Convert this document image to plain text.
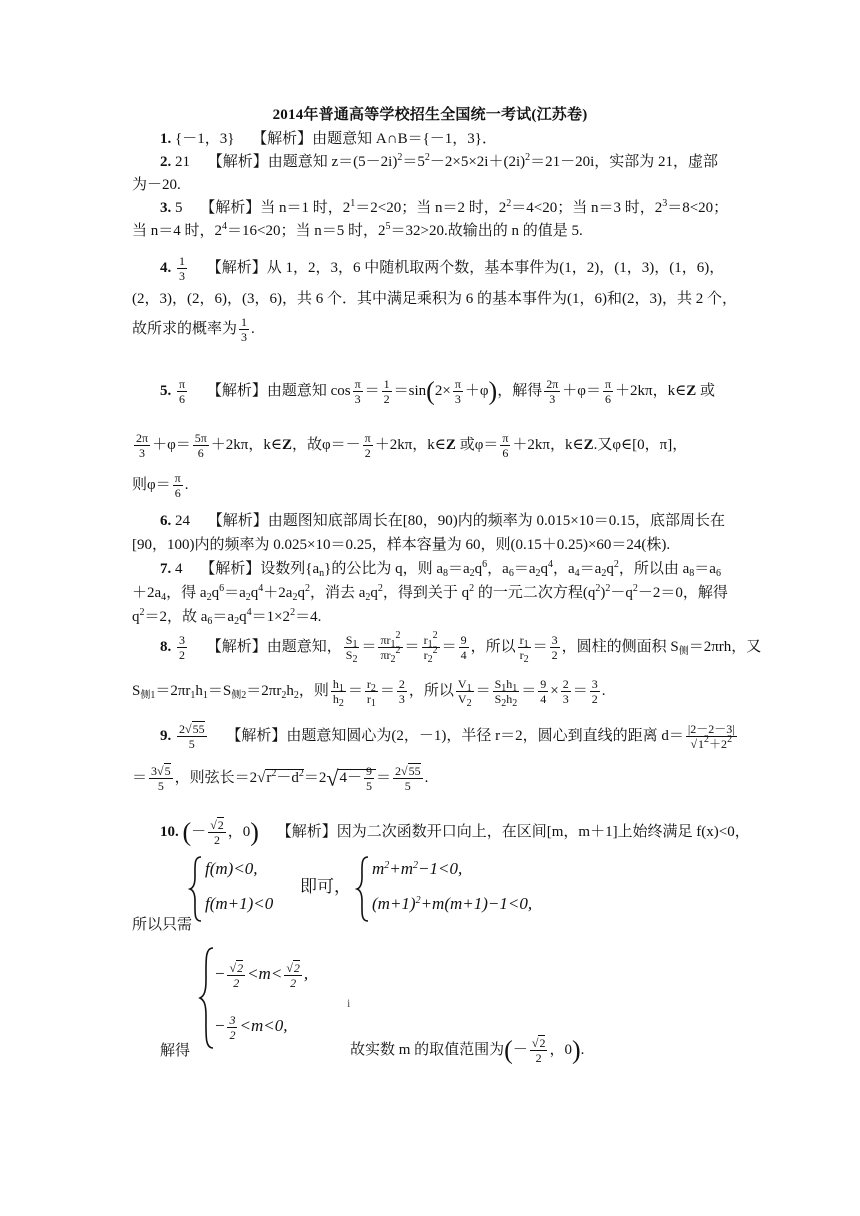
2014年普通高等学校招生全国统一考试(江苏卷)
1. {－1，3} 【解析】由题意知 A∩B＝{－1，3}．
2. 21 【解析】由题意知 $z=(5-2i)^2=5^2-2\times 5\times 2i+(2i)^2=21-20i$，实部为 21，虚部
为－20.
3. 5 【解析】当 n＝1 时，$2^1=2<20$；当 n＝2 时，$2^2=4<20$；当 n＝3 时，$2^3=8<20$；
当 n＝4 时，$2^4=16<20$；当 n＝5 时，$2^5=32>20$.故输出的 n 的值是 5.
4. $\frac{1}{3}$ 【解析】从 1，2，3，6 中随机取两个数，基本事件为(1，2)，(1，3)，(1，6)，
(2，3)，(2，6)，(3，6)，共 6 个．其中满足乘积为 6 的基本事件为(1，6)和(2，3)，共 2 个，
故所求的概率为 $\frac{1}{3}$ .
5. $\frac{\pi}{6}$ 【解析】由题意知 $\cos \frac{\pi}{3} = \frac{1}{2} =\sin(2\times \frac{\pi}{3} +\varphi)$，解得 $\frac{2\pi}{3} +\varphi= \frac{\pi}{6} +2k\pi$，k∈Z 或
$\frac{2\pi}{3} +\varphi= \frac{5\pi}{6} +2k\pi$，k∈Z，故$\varphi=- \frac{\pi}{2} +2k\pi$，k∈Z 或$\varphi= \frac{\pi}{6} +2k\pi$，k∈Z.又φ∈[0，π]，
则$\varphi= \frac{\pi}{6}$ .
6. 24 【解析】由题图知底部周长在[80，90)内的频率为 0.015×10＝0.15，底部周长在
[90，100)内的频率为 0.025×10＝0.25，样本容量为 60，则(0.15＋0.25)×60＝24(株).
7. 4 【解析】设数列$\{a_n\}$的公比为 q，则 $a_8=a_2q^6$，$a_6=a_2q^4$，$a_4=a_2q^2$，所以由 $a_8=a_6$
$+2a_4$，得 $a_2q^6=a_2q^4+2a_2q^2$，消去 $a_2q^2$，得到关于 $q^2$ 的一元二次方程$(q^2)^2-q^2-2=0$，解得
$q^2=2$，故 $a_6=a_2q^4=1\times 2^2=4$.
8. $\frac{3}{2}$ 【解析】由题意知， $\frac{S_1}{S_2} = \frac{\pi r_1^2}{\pi r_2^2} = \frac{r_1^2}{r_2^2} = \frac{9}{4}$ ，所以 $\frac{r_1}{r_2} = \frac{3}{2}$ ，圆柱的侧面积 $S_侧=2\pi rh$，又
$S_{侧1}=2\pi r_1h_1=S_{侧2}=2\pi r_2h_2$，则 $\frac{h_1}{h_2} = \frac{r_2}{r_1} = \frac{2}{3}$ ，所以 $\frac{V_1}{V_2} = \frac{S_1h_1}{S_2h_2} = \frac{9}{4} \times \frac{2}{3} = \frac{3}{2}$ .
9. $\frac{2√55}{5}$ 【解析】由题意知圆心为(2，－1)，半径 r＝2，圆心到直线的距离 $d= \frac{|2-2-3|}{√1^2+2^2}$
＝ $\frac{3√5}{5}$ ，则弦长$=2√r^2-d^2=2√4- \frac{9}{5} = \frac{2√55}{5}$ .
10. (－ $\frac{√2}{2}$ ，0) 【解析】因为二次函数开口向上，在区间[m，m＋1]上始终满足 f(x)<0，
f(m)<0,
f(m+1)<0
即可，
$m^2+m^2-1<0$,
$(m+1)^2+m(m+1)-1<0$,
所以只需
− $\frac{√2}{2} <m< \frac{√2}{2}$ ,
− $\frac{3}{2} <m<0$,
i
解得	故实数 m 的取值范围为(－ $\frac{√2}{2}$ ，0).
